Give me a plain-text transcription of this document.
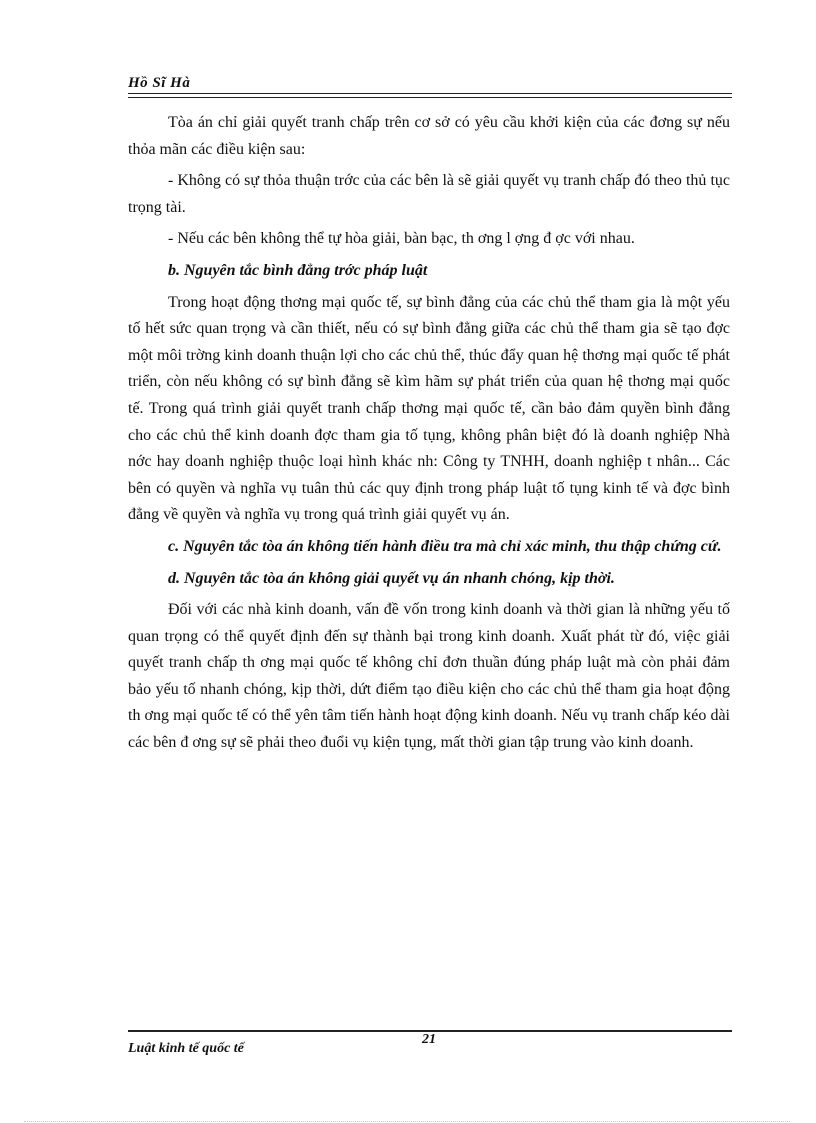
Hồ Sĩ Hà

Tòa án chỉ giải quyết tranh chấp trên cơ sở có yêu cầu khởi kiện của các đơng sự nếu thỏa mãn các điều kiện sau:

- Không có sự thỏa thuận trớc của các bên là sẽ giải quyết vụ tranh chấp đó theo thủ tục trọng tài.

- Nếu các bên không thể tự hòa giải, bàn bạc, th ơng l ợng đ ợc với nhau.

b. Nguyên tắc bình đẳng trớc pháp luật

Trong hoạt động thơng mại quốc tế, sự bình đẳng của các chủ thể tham gia là một yếu tố hết sức quan trọng và cần thiết, nếu có sự bình đẳng giữa các chủ thể tham gia sẽ tạo đợc một môi trờng kinh doanh thuận lợi cho các chủ thể, thúc đẩy quan hệ thơng mại quốc tế phát triển, còn nếu không có sự bình đẳng sẽ kìm hãm sự phát triển của quan hệ thơng mại quốc tế. Trong quá trình giải quyết tranh chấp thơng mại quốc tế, cần bảo đảm quyền bình đẳng cho các chủ thể kinh doanh đợc tham gia tố tụng, không phân biệt đó là doanh nghiệp Nhà nớc hay doanh nghiệp thuộc loại hình khác nh: Công ty TNHH, doanh nghiệp t nhân... Các bên có quyền và nghĩa vụ tuân thủ các quy định trong pháp luật tố tụng kinh tế và đợc bình đẳng về quyền và nghĩa vụ trong quá trình giải quyết vụ án.

c. Nguyên tắc tòa án không tiến hành điều tra mà chỉ xác minh, thu thập chứng cứ.

d. Nguyên tắc tòa án không giải quyết vụ án nhanh chóng, kịp thời.

Đối với các nhà kinh doanh, vấn đề vốn trong kinh doanh và thời gian là những yếu tố quan trọng có thể quyết định đến sự thành bại trong kinh doanh. Xuất phát từ đó, việc giải quyết tranh chấp th ơng mại quốc tế không chỉ đơn thuần đúng pháp luật mà còn phải đảm bảo yếu tố nhanh chóng, kịp thời, dứt điểm tạo điều kiện cho các chủ thể tham gia hoạt động th ơng mại quốc tế có thể yên tâm tiến hành hoạt động kinh doanh. Nếu vụ tranh chấp kéo dài các bên đ ơng sự sẽ phải theo đuổi vụ kiện tụng, mất thời gian tập trung vào kinh doanh.

Luật kinh tế quốc tế
21
